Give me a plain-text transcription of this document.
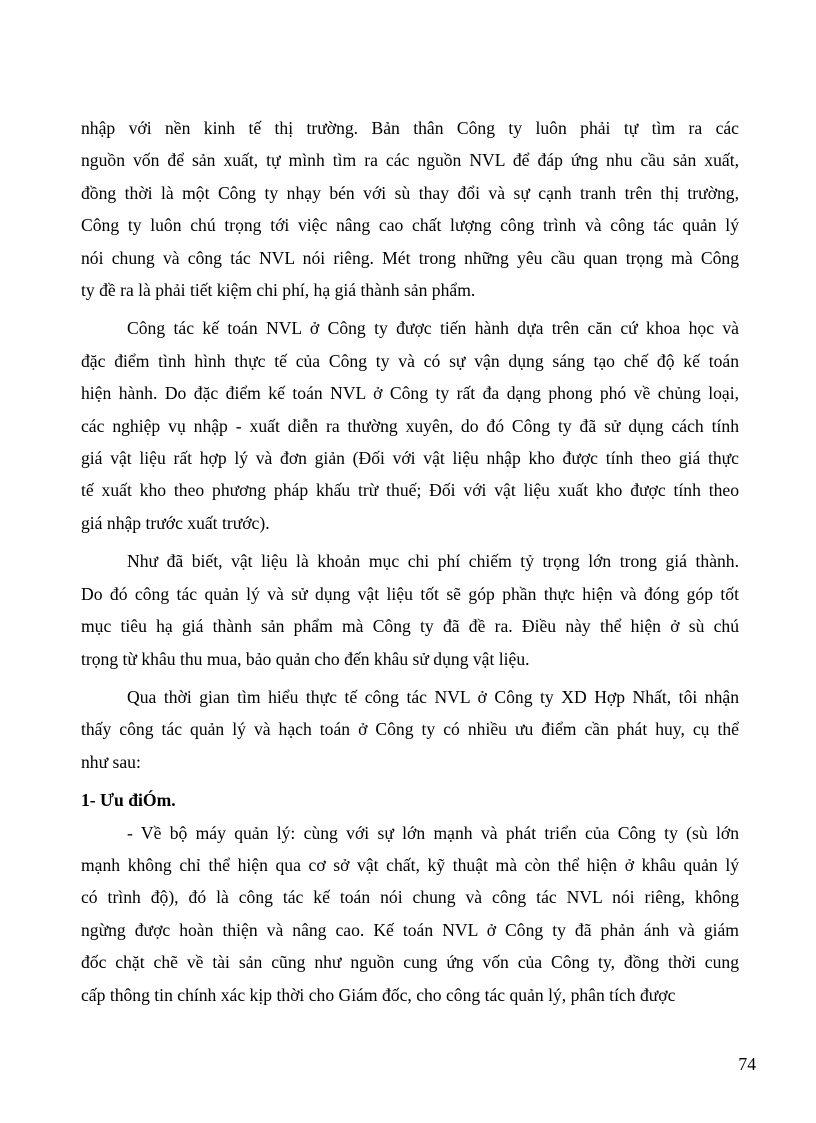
nhập với nền kinh tế thị trường. Bản thân Công ty luôn phải tự tìm ra các
nguồn vốn để sản xuất, tự mình tìm ra các nguồn NVL để đáp ứng nhu cầu sản xuất,
đồng thời là một Công ty nhạy bén với sù thay đổi và sự cạnh tranh trên thị trường,
Công ty luôn chú trọng tới việc nâng cao chất lượng công trình và công tác quản lý
nói chung và công tác NVL nói riêng. Mét trong những yêu cầu quan trọng mà Công
ty đề ra là phải tiết kiệm chi phí, hạ giá thành sản phẩm.
Công tác kế toán NVL ở Công ty được tiến hành dựa trên căn cứ khoa học và
đặc điểm tình hình thực tế của Công ty và có sự vận dụng sáng tạo chế độ kế toán
hiện hành. Do đặc điểm kế toán NVL ở Công ty rất đa dạng phong phó về chủng loại,
các nghiệp vụ nhập - xuất diễn ra thường xuyên, do đó Công ty đã sử dụng cách tính
giá vật liệu rất hợp lý và đơn giản (Đối với vật liệu nhập kho được tính theo giá thực
tế xuất kho theo phương pháp khấu trừ thuế; Đối với vật liệu xuất kho được tính theo
giá nhập trước xuất trước).
Như đã biết, vật liệu là khoản mục chi phí chiếm tỷ trọng lớn trong giá thành.
Do đó công tác quản lý và sử dụng vật liệu tốt sẽ góp phần thực hiện và đóng góp tốt
mục tiêu hạ giá thành sản phẩm mà Công ty đã đề ra. Điều này thể hiện ở sù chú
trọng từ khâu thu mua, bảo quản cho đến khâu sử dụng vật liệu.
Qua thời gian tìm hiểu thực tế công tác NVL ở Công ty XD Hợp Nhất, tôi nhận
thấy công tác quản lý và hạch toán ở Công ty có nhiều ưu điểm cần phát huy, cụ thể
như sau:
1- Ưu điÓm.
- Về bộ máy quản lý: cùng với sự lớn mạnh và phát triển của Công ty (sù lớn
mạnh không chỉ thể hiện qua cơ sở vật chất, kỹ thuật mà còn thể hiện ở khâu quản lý
có trình độ), đó là công tác kế toán nói chung và công tác NVL nói riêng, không
ngừng được hoàn thiện và nâng cao. Kế toán NVL ở Công ty đã phản ánh và giám
đốc chặt chẽ về tài sản cũng như nguồn cung ứng vốn của Công ty, đồng thời cung
cấp thông tin chính xác kịp thời cho Giám đốc, cho công tác quản lý, phân tích được
74
